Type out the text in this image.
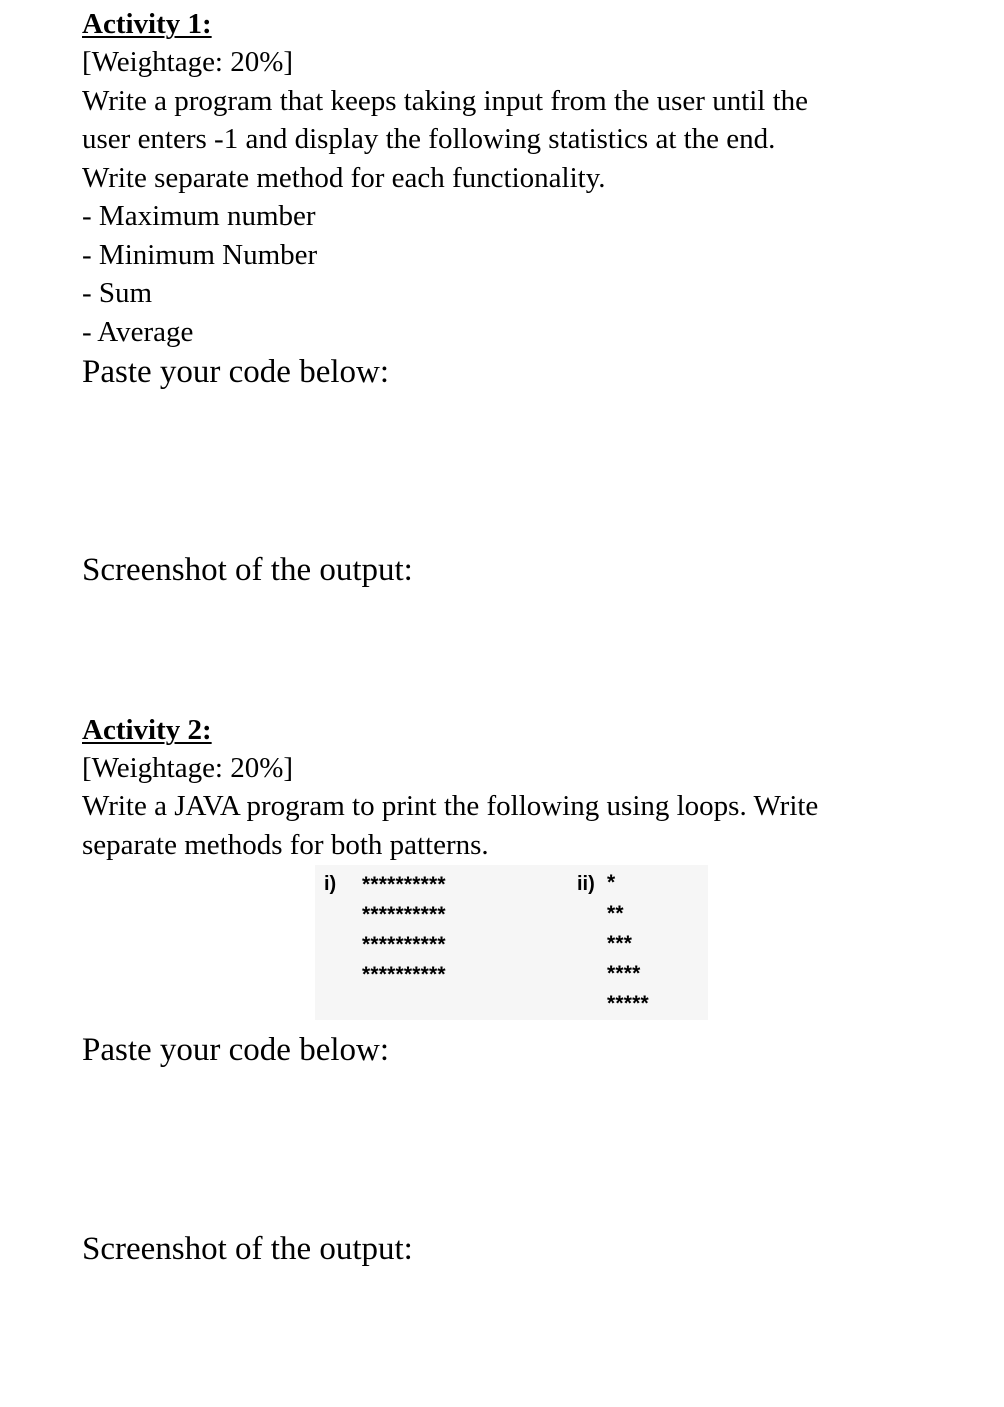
Activity 1:
[Weightage: 20%]
Write a program that keeps taking input from the user until the
user enters -1 and display the following statistics at the end.
Write separate method for each functionality.
- Maximum number
- Minimum Number
- Sum
- Average
Paste your code below:
Screenshot of the output:
Activity 2:
[Weightage: 20%]
Write a JAVA program to print the following using loops. Write
separate methods for both patterns.
i) **********
**********
**********
**********
ii) *
**
***
****
*****
Paste your code below:
Screenshot of the output:
